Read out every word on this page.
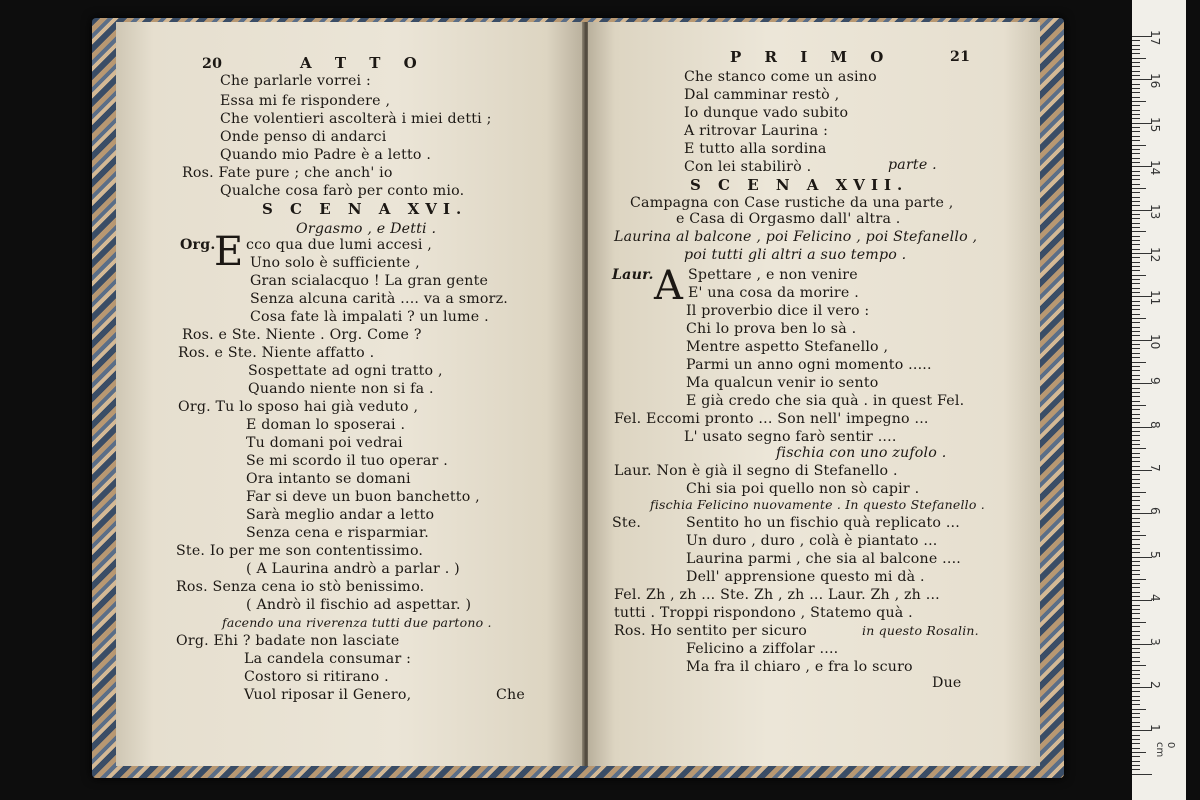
20	A T T O
Che parlarle vorrei :
Essa mi fe rispondere ,
Che volentieri ascolterà i miei detti ;
Onde penso di andarci
Quando mio Padre è a letto .
Ros. Fate pure ; che anch' io
Qualche cosa farò per conto mio.
S C E N A XVI.
Orgasmo , e Detti .
Org.
E cco qua due lumi accesi ,
Uno solo è sufficiente ,
Gran scialacquo ! La gran gente
Senza alcuna carità .... va a smorz.
Cosa fate là impalati ? un lume .
Ros. e Ste. Niente . Org. Come ?
Ros. e Ste. Niente affatto .
Sospettate ad ogni tratto ,
Quando niente non si fa .
Org. Tu lo sposo hai già veduto ,
E doman lo sposerai .
Tu domani poi vedrai
Se mi scordo il tuo operar .
Ora intanto se domani
Far si deve un buon banchetto ,
Sarà meglio andar a letto
Senza cena e risparmiar.
Ste. Io per me son contentissimo.
( A Laurina andrò a parlar . )
Ros. Senza cena io stò benissimo.
( Andrò il fischio ad aspettar. )
facendo una riverenza tutti due partono .
Org. Ehi ? badate non lasciate
La candela consumar :
Costoro si ritirano .
Vuol riposar il Genero,	Che
P R I M O	21
Che stanco come un asino
Dal camminar restò ,
Io dunque vado subito
A ritrovar Laurina :
E tutto alla sordina
Con lei stabilirò .	parte .
S C E N A XVII.
Campagna con Case rustiche da una parte ,
e Casa di Orgasmo dall' altra .
Laurina al balcone , poi Felicino , poi Stefanello ,
poi tutti gli altri a suo tempo .
Laur. A Spettare , e non venire
E' una cosa da morire .
Il proverbio dice il vero :
Chi lo prova ben lo sà .
Mentre aspetto Stefanello ,
Parmi un anno ogni momento .....
Ma qualcun venir io sento
E già credo che sia quà . in quest Fel.
Fel. Eccomi pronto ... Son nell' impegno ...
L' usato segno farò sentir ....
fischia con uno zufolo .
Laur. Non è già il segno di Stefanello .
Chi sia poi quello non sò capir .
fischia Felicino nuovamente . In questo Stefanello .
Ste.	Sentito ho un fischio quà replicato ...
Un duro , duro , colà è piantato ...
Laurina parmi , che sia al balcone ....
Dell' apprensione questo mi dà .
Fel. Zh , zh ... Ste. Zh , zh ... Laur. Zh , zh ...
tutti . Troppi rispondono , Statemo quà .
Ros. Ho sentito per sicuro	in questo Rosalin.
Felicino a ziffolar ....
Ma fra il chiaro , e fra lo scuro
Due
17
16
15
14
13
12
11
10
9
8
7
6
5
4
3
2
1
0 cm
